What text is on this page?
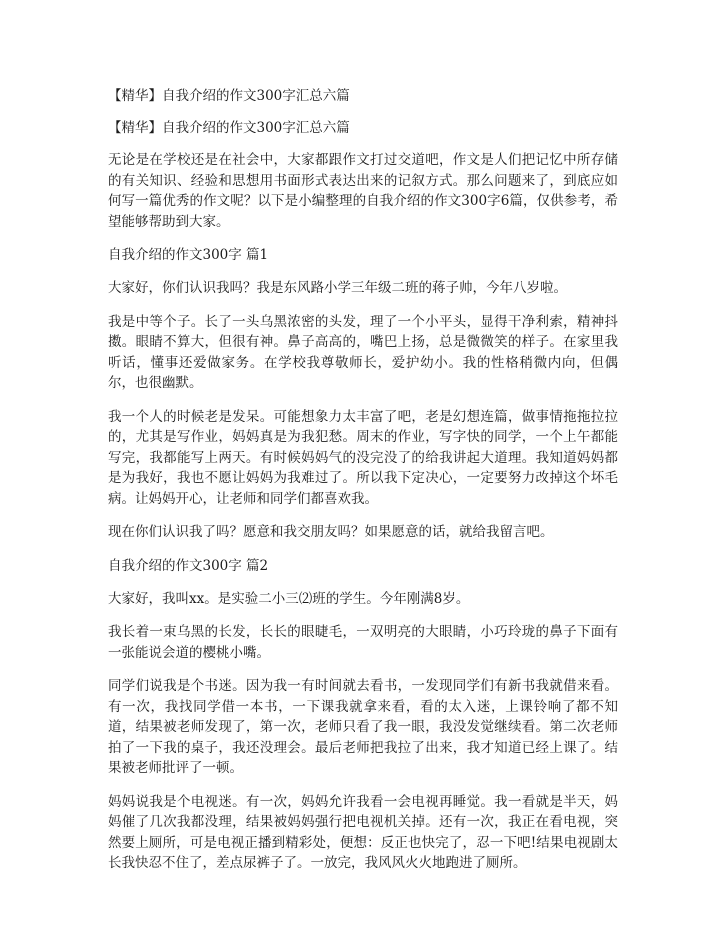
【精华】自我介绍的作文300字汇总六篇
【精华】自我介绍的作文300字汇总六篇

无论是在学校还是在社会中，大家都跟作文打过交道吧，作文是人们把记忆中所存储的有关知识、经验和思想用书面形式表达出来的记叙方式。那么问题来了，到底应如何写一篇优秀的作文呢？以下是小编整理的自我介绍的作文300字6篇，仅供参考，希望能够帮助到大家。

自我介绍的作文300字 篇1

大家好，你们认识我吗？我是东风路小学三年级二班的蒋子帅，今年八岁啦。

我是中等个子。长了一头乌黑浓密的头发，理了一个小平头，显得干净利索，精神抖擞。眼睛不算大，但很有神。鼻子高高的，嘴巴上扬，总是微微笑的样子。在家里我听话，懂事还爱做家务。在学校我尊敬师长，爱护幼小。我的性格稍微内向，但偶尔，也很幽默。

我一个人的时候老是发呆。可能想象力太丰富了吧，老是幻想连篇，做事情拖拖拉拉的，尤其是写作业，妈妈真是为我犯愁。周末的作业，写字快的同学，一个上午都能写完，我都能写上两天。有时候妈妈气的没完没了的给我讲起大道理。我知道妈妈都是为我好，我也不愿让妈妈为我难过了。所以我下定决心，一定要努力改掉这个坏毛病。让妈妈开心，让老师和同学们都喜欢我。

现在你们认识我了吗？愿意和我交朋友吗？如果愿意的话，就给我留言吧。

自我介绍的作文300字 篇2

大家好，我叫xx。是实验二小三⑵班的学生。今年刚满8岁。

我长着一束乌黑的长发，长长的眼睫毛，一双明亮的大眼睛，小巧玲珑的鼻子下面有一张能说会道的樱桃小嘴。

同学们说我是个书迷。因为我一有时间就去看书，一发现同学们有新书我就借来看。有一次，我找同学借一本书，一下课我就拿来看，看的太入迷，上课铃响了都不知道，结果被老师发现了，第一次，老师只看了我一眼，我没发觉继续看。第二次老师拍了一下我的桌子，我还没理会。最后老师把我拉了出来，我才知道已经上课了。结果被老师批评了一顿。

妈妈说我是个电视迷。有一次，妈妈允许我看一会电视再睡觉。我一看就是半天，妈妈催了几次我都没理，结果被妈妈强行把电视机关掉。还有一次，我正在看电视，突然要上厕所，可是电视正播到精彩处，便想：反正也快完了，忍一下吧!结果电视剧太长我快忍不住了，差点尿裤子了。一放完，我风风火火地跑进了厕所。
